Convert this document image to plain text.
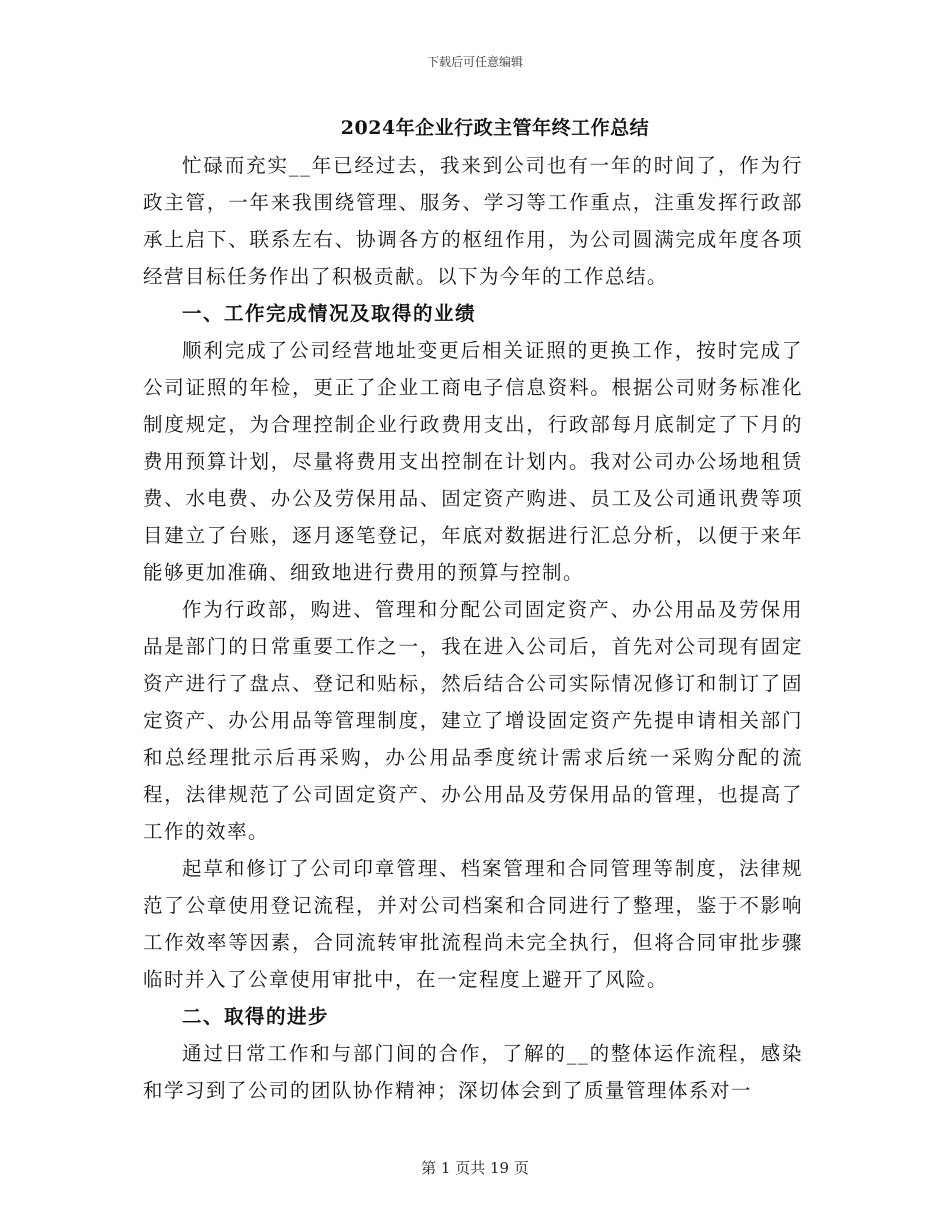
下载后可任意编辑
2024年企业行政主管年终工作总结

忙碌而充实__年已经过去，我来到公司也有一年的时间了，作为行政主管，一年来我围绕管理、服务、学习等工作重点，注重发挥行政部承上启下、联系左右、协调各方的枢纽作用，为公司圆满完成年度各项经营目标任务作出了积极贡献。以下为今年的工作总结。

一、工作完成情况及取得的业绩

顺利完成了公司经营地址变更后相关证照的更换工作，按时完成了公司证照的年检，更正了企业工商电子信息资料。根据公司财务标准化制度规定，为合理控制企业行政费用支出，行政部每月底制定了下月的费用预算计划，尽量将费用支出控制在计划内。我对公司办公场地租赁费、水电费、办公及劳保用品、固定资产购进、员工及公司通讯费等项目建立了台账，逐月逐笔登记，年底对数据进行汇总分析，以便于来年能够更加准确、细致地进行费用的预算与控制。

作为行政部，购进、管理和分配公司固定资产、办公用品及劳保用品是部门的日常重要工作之一，我在进入公司后，首先对公司现有固定资产进行了盘点、登记和贴标，然后结合公司实际情况修订和制订了固定资产、办公用品等管理制度，建立了增设固定资产先提申请相关部门和总经理批示后再采购，办公用品季度统计需求后统一采购分配的流程，法律规范了公司固定资产、办公用品及劳保用品的管理，也提高了工作的效率。

起草和修订了公司印章管理、档案管理和合同管理等制度，法律规范了公章使用登记流程，并对公司档案和合同进行了整理，鉴于不影响工作效率等因素，合同流转审批流程尚未完全执行，但将合同审批步骤临时并入了公章使用审批中，在一定程度上避开了风险。

二、取得的进步

通过日常工作和与部门间的合作，了解的__的整体运作流程，感染和学习到了公司的团队协作精神；深切体会到了质量管理体系对一

第 1 页共 19 页
